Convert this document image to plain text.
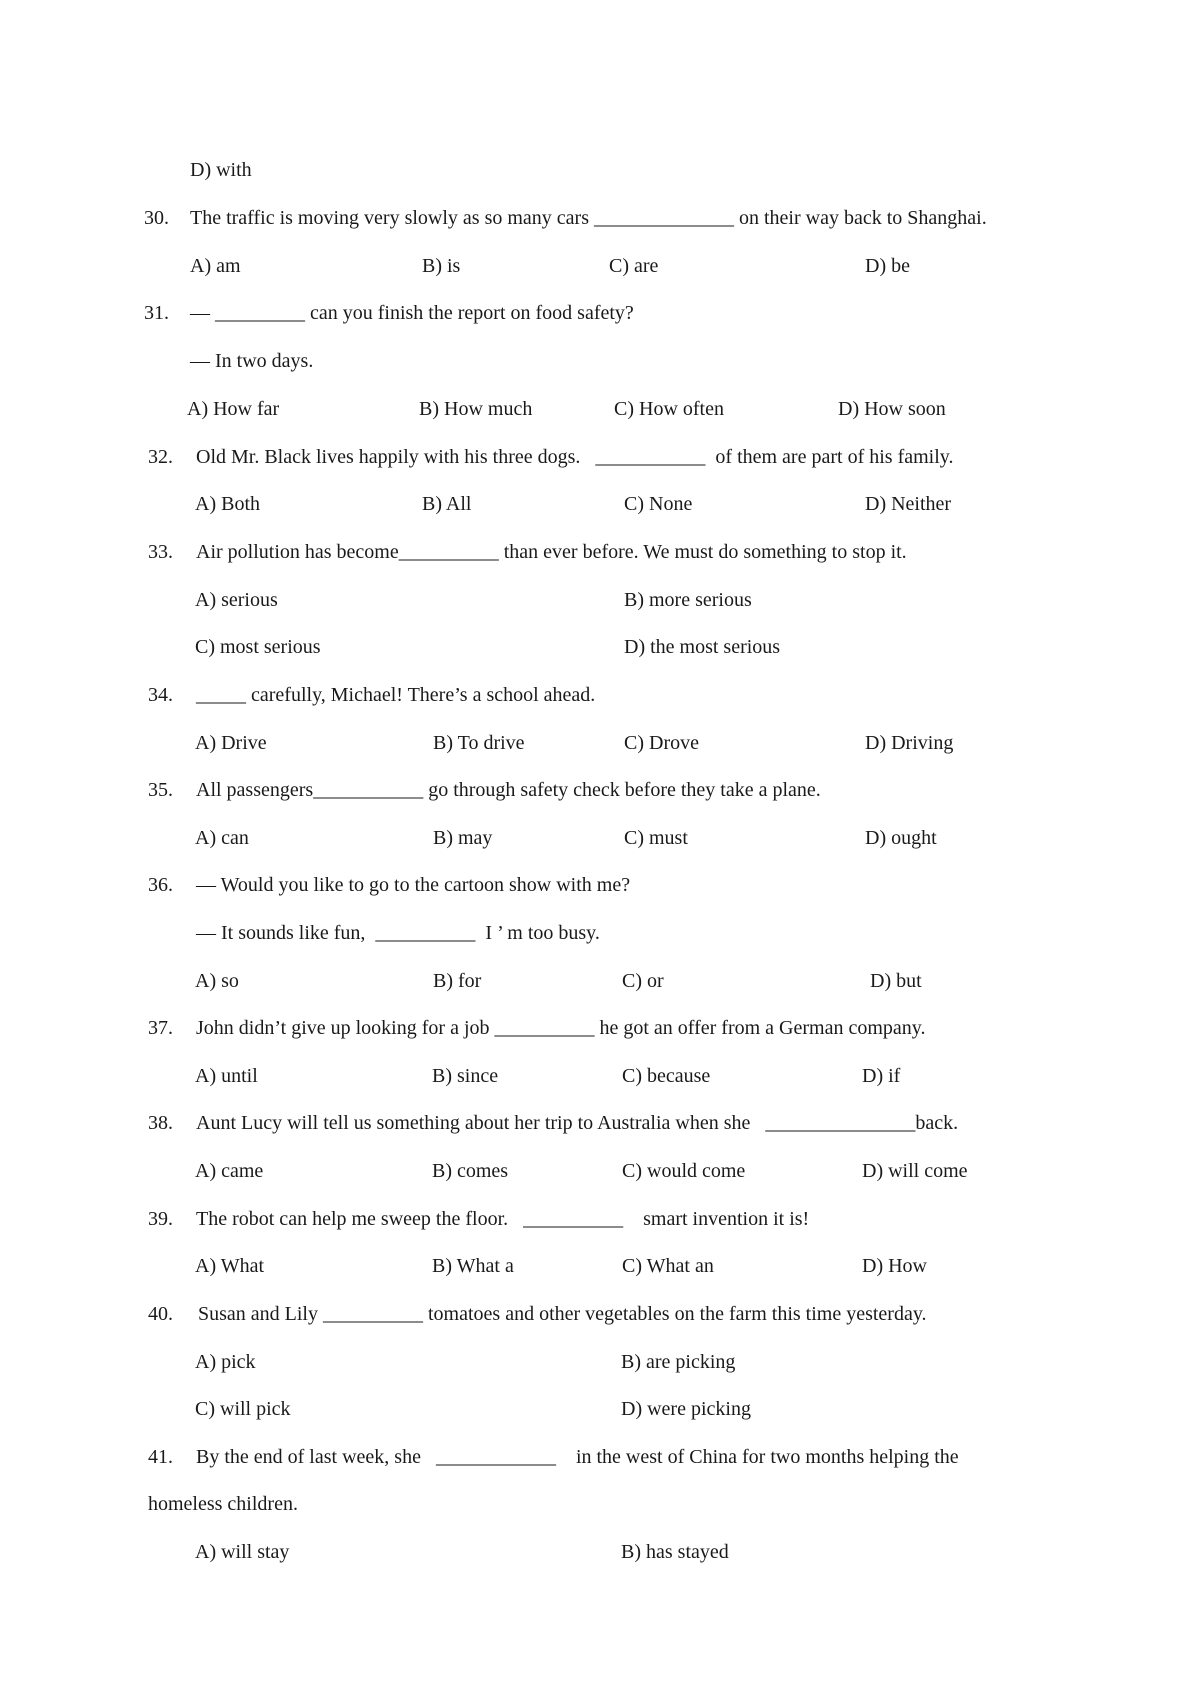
D) with
30. The traffic is moving very slowly as so many cars ______________ on their way back to Shanghai.
A) am	B) is	C) are	D) be
31. — _________ can you finish the report on food safety?
— In two days.
A) How far	B) How much	C) How often	D) How soon
32. Old Mr. Black lives happily with his three dogs.   ___________  of them are part of his family.
A) Both	B) All	C) None	D) Neither
33. Air pollution has become__________ than ever before. We must do something to stop it.
A) serious	B) more serious
C) most serious	D) the most serious
34. _____ carefully, Michael! There’s a school ahead.
A) Drive	B) To drive	C) Drove	D) Driving
35. All passengers___________ go through safety check before they take a plane.
A) can	B) may	C) must	D) ought
36. — Would you like to go to the cartoon show with me?
— It sounds like fun,  __________  I ’ m too busy.
A) so	B) for	C) or	D) but
37. John didn’t give up looking for a job __________ he got an offer from a German company.
A) until	B) since	C) because	D) if
38. Aunt Lucy will tell us something about her trip to Australia when she   _______________back.
A) came	B) comes	C) would come	D) will come
39. The robot can help me sweep the floor.   __________    smart invention it is!
A) What	B) What a	C) What an	D) How
40. Susan and Lily __________ tomatoes and other vegetables on the farm this time yesterday.
A) pick	B) are picking
C) will pick	D) were picking
41. By the end of last week, she   ____________    in the west of China for two months helping the
homeless children.
A) will stay	B) has stayed
